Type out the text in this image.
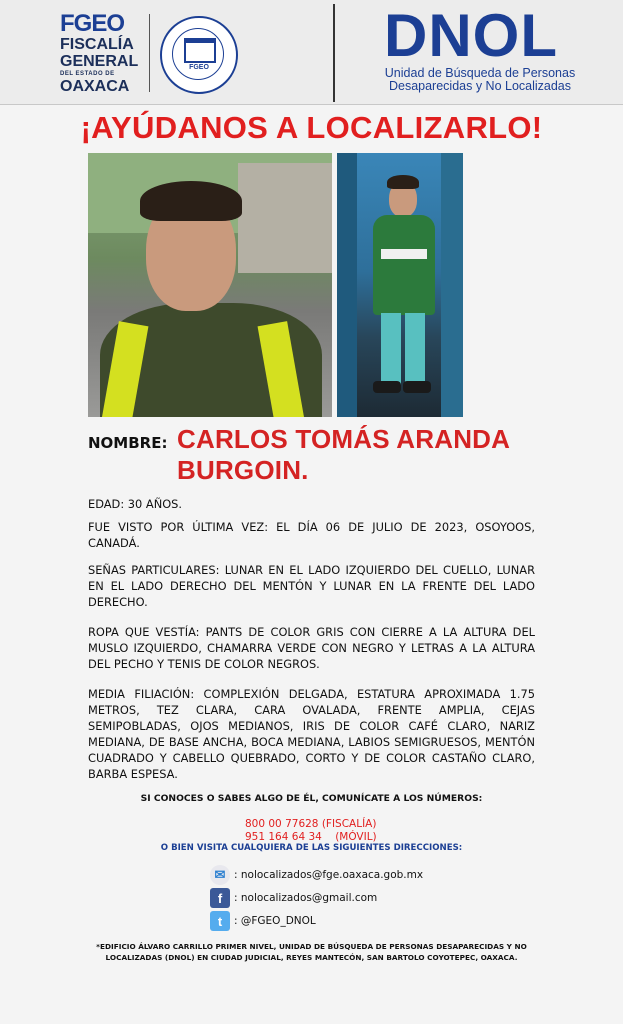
FGEO
FISCALÍA
GENERAL
DEL ESTADO DE
OAXACA
FGEO	DNOL
Unidad de Búsqueda de Personas
Desaparecidas y No Localizadas
¡AYÚDANOS A LOCALIZARLO!
NOMBRE: CARLOS TOMÁS ARANDA BURGOIN.
EDAD: 30 AÑOS.
FUE VISTO POR ÚLTIMA VEZ: EL DÍA 06 DE JULIO DE 2023, OSOYOOS, CANADÁ.
SEÑAS PARTICULARES: LUNAR EN EL LADO IZQUIERDO DEL CUELLO, LUNAR EN EL LADO DERECHO DEL MENTÓN Y LUNAR EN LA FRENTE DEL LADO DERECHO.
ROPA QUE VESTÍA: PANTS DE COLOR GRIS CON CIERRE A LA ALTURA DEL MUSLO IZQUIERDO, CHAMARRA VERDE CON NEGRO Y LETRAS A LA ALTURA DEL PECHO Y TENIS DE COLOR NEGROS.
MEDIA FILIACIÓN: COMPLEXIÓN DELGADA, ESTATURA APROXIMADA 1.75 METROS, TEZ CLARA, CARA OVALADA, FRENTE AMPLIA, CEJAS SEMIPOBLADAS, OJOS MEDIANOS, IRIS DE COLOR CAFÉ CLARO, NARIZ MEDIANA, DE BASE ANCHA, BOCA MEDIANA, LABIOS SEMIGRUESOS, MENTÓN CUADRADO Y CABELLO QUEBRADO, CORTO Y DE COLOR CASTAÑO CLARO, BARBA ESPESA.
SI CONOCES O SABES ALGO DE ÉL, COMUNÍCATE A LOS NÚMEROS:
800 00 77628 (FISCALÍA)
951 164 64 34 (MÓVIL)
O BIEN VISITA CUALQUIERA DE LAS SIGUIENTES DIRECCIONES:
✉ : nolocalizados@fge.oaxaca.gob.mx
f	: nolocalizados@gmail.com
t	: @FGEO_DNOL
*EDIFICIO ÁLVARO CARRILLO PRIMER NIVEL, UNIDAD DE BÚSQUEDA DE PERSONAS DESAPARECIDAS Y NO LOCALIZADAS (DNOL) EN CIUDAD JUDICIAL, REYES MANTECÓN, SAN BARTOLO COYOTEPEC, OAXACA.
